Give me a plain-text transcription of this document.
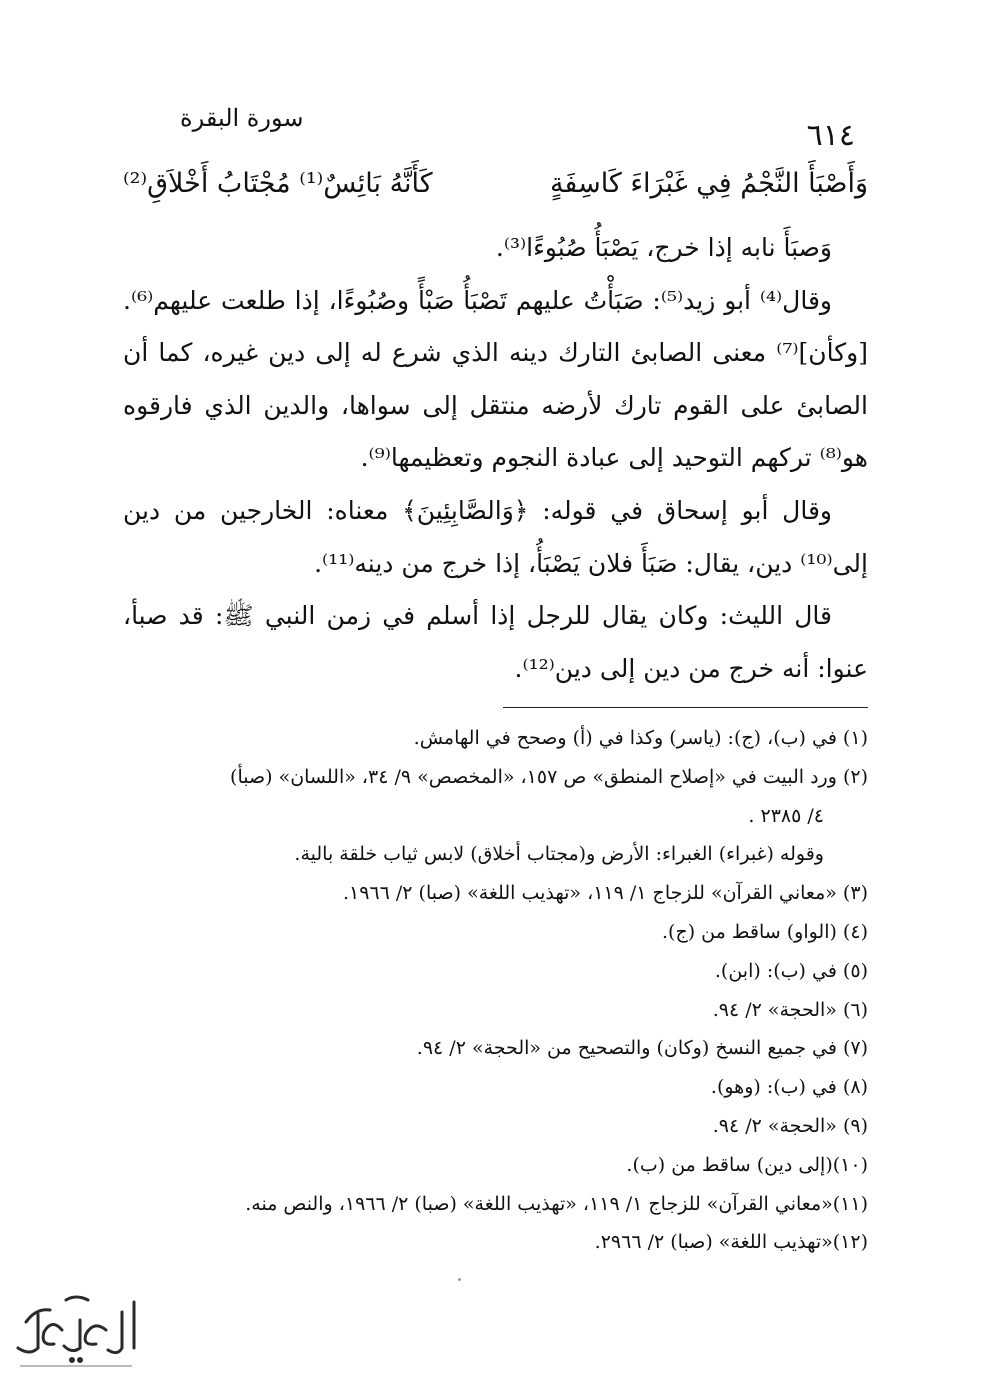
٦١٤
سورة البقرة
وَأَصْبَأَ النَّجْمُ فِي غَبْرَاءَ كَاسِفَةٍ
كَأَنَّهُ بَائِسٌ⁽¹⁾ مُجْتَابُ أَخْلاَقِ⁽²⁾

وَصبَأَ نابه إذا خرج، يَصْبَأُ صُبُوءًا⁽³⁾.

وقال⁽⁴⁾ أبو زيد⁽⁵⁾: صَبَأْتُ عليهم تَصْبَأُ صَبْأً وصُبُوءًا، إذا طلعت عليهم⁽⁶⁾. [وكأن]⁽⁷⁾ معنى الصابئ التارك دينه الذي شرع له إلى دين غيره، كما أن الصابئ على القوم تارك لأرضه منتقل إلى سواها، والدين الذي فارقوه هو⁽⁸⁾ تركهم التوحيد إلى عبادة النجوم وتعظيمها⁽⁹⁾.

وقال أبو إسحاق في قوله: ﴿وَالصَّابِئِينَ﴾ معناه: الخارجين من دين إلى⁽¹⁰⁾ دين، يقال: صَبَأَ فلان يَصْبَأُ، إذا خرج من دينه⁽¹¹⁾.

قال الليث: وكان يقال للرجل إذا أسلم في زمن النبي ﷺ: قد صبأ، عنوا: أنه خرج من دين إلى دين⁽¹²⁾.

(١) في (ب)، (ج): (ياسر) وكذا في (أ) وصحح في الهامش.
(٢) ورد البيت في «إصلاح المنطق» ص ١٥٧، «المخصص» ٩/ ٣٤، «اللسان» (صبأ)
٤/ ٢٣٨٥ .
وقوله (غبراء) الغبراء: الأرض و(مجتاب أخلاق) لابس ثياب خلقة بالية.
(٣) «معاني القرآن» للزجاج ١/ ١١٩، «تهذيب اللغة» (صبا) ٢/ ١٩٦٦.
(٤) (الواو) ساقط من (ج).
(٥) في (ب): (ابن).
(٦) «الحجة» ٢/ ٩٤.
(٧) في جميع النسخ (وكان) والتصحيح من «الحجة» ٢/ ٩٤.
(٨) في (ب): (وهو).
(٩) «الحجة» ٢/ ٩٤.
(١٠)(إلى دين) ساقط من (ب).
(١١)«معاني القرآن» للزجاج ١/ ١١٩، «تهذيب اللغة» (صبا) ٢/ ١٩٦٦، والنص منه.
(١٢)«تهذيب اللغة» (صبا) ٢/ ٢٩٦٦.
